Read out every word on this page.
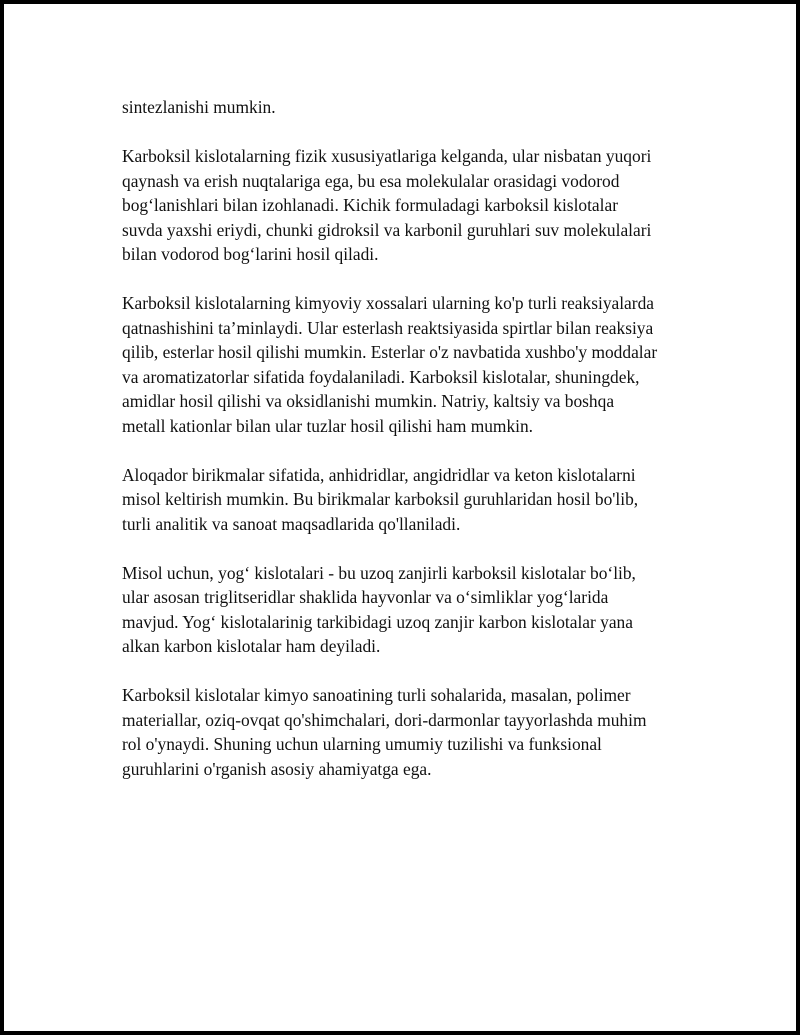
sintezlanishi mumkin.

Karboksil kislotalarning fizik xususiyatlariga kelganda, ular nisbatan yuqori
qaynash va erish nuqtalariga ega, bu esa molekulalar orasidagi vodorod
bog‘lanishlari bilan izohlanadi. Kichik formuladagi karboksil kislotalar
suvda yaxshi eriydi, chunki gidroksil va karbonil guruhlari suv molekulalari
bilan vodorod bog‘larini hosil qiladi.

Karboksil kislotalarning kimyoviy xossalari ularning ko'p turli reaksiyalarda
qatnashishini ta’minlaydi. Ular esterlash reaktsiyasida spirtlar bilan reaksiya
qilib, esterlar hosil qilishi mumkin. Esterlar o'z navbatida xushbo'y moddalar
va aromatizatorlar sifatida foydalaniladi. Karboksil kislotalar, shuningdek,
amidlar hosil qilishi va oksidlanishi mumkin. Natriy, kaltsiy va boshqa
metall kationlar bilan ular tuzlar hosil qilishi ham mumkin.

Aloqador birikmalar sifatida, anhidridlar, angidridlar va keton kislotalarni
misol keltirish mumkin. Bu birikmalar karboksil guruhlaridan hosil bo'lib,
turli analitik va sanoat maqsadlarida qo'llaniladi.

Misol uchun, yog‘ kislotalari - bu uzoq zanjirli karboksil kislotalar bo‘lib,
ular asosan triglitseridlar shaklida hayvonlar va o‘simliklar yog‘larida
mavjud. Yog‘ kislotalarinig tarkibidagi uzoq zanjir karbon kislotalar yana
alkan karbon kislotalar ham deyiladi.

Karboksil kislotalar kimyo sanoatining turli sohalarida, masalan, polimer
materiallar, oziq-ovqat qo'shimchalari, dori-darmonlar tayyorlashda muhim
rol o'ynaydi. Shuning uchun ularning umumiy tuzilishi va funksional
guruhlarini o'rganish asosiy ahamiyatga ega.
